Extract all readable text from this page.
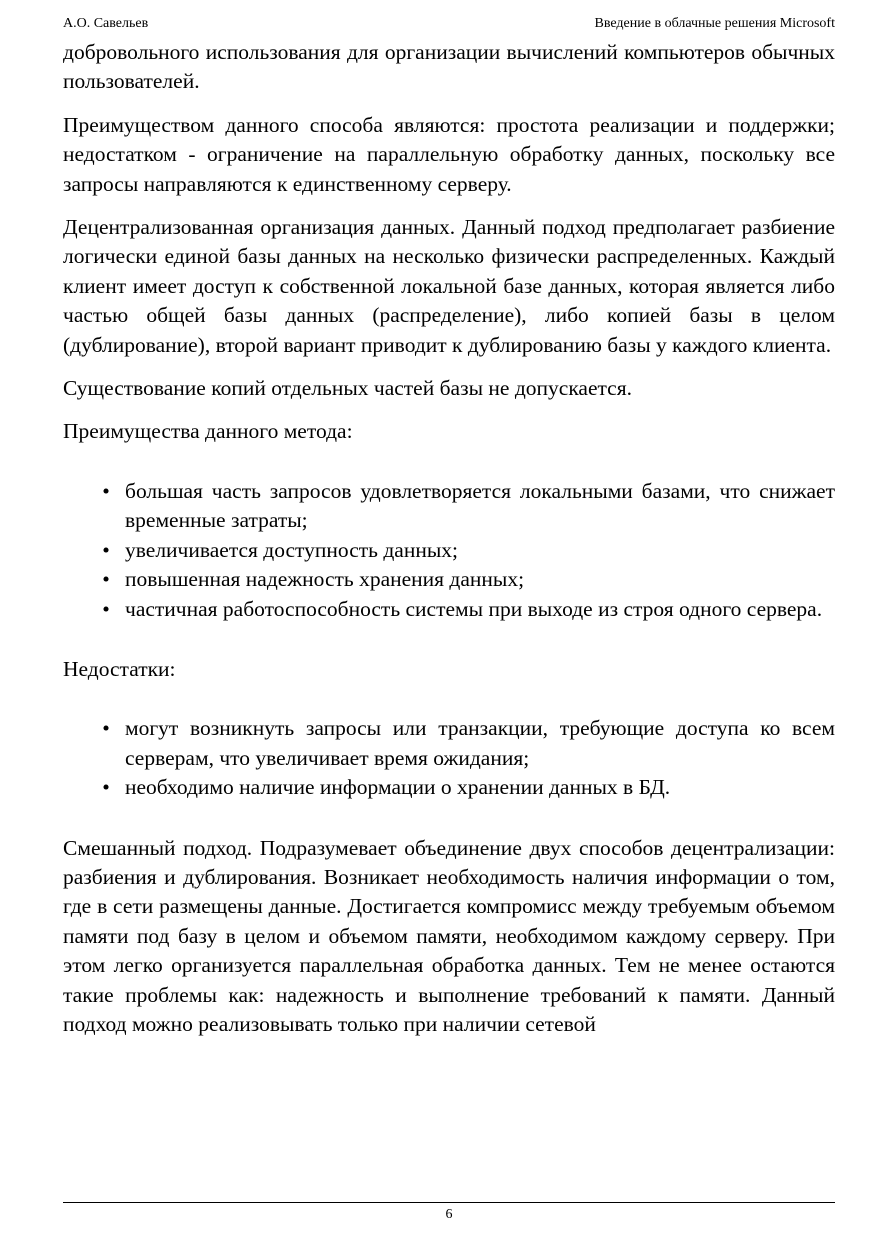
А.О. Савельев	Введение в облачные решения Microsoft

добровольного использования для организации вычислений компьютеров обычных пользователей.

Преимуществом данного способа являются: простота реализации и поддержки; недостатком - ограничение на параллельную обработку данных, поскольку все запросы направляются к единственному серверу.

Децентрализованная организация данных. Данный подход предполагает разбиение логически единой базы данных на несколько физически распределенных. Каждый клиент имеет доступ к собственной локальной базе данных, которая является либо частью общей базы данных (распределение), либо копией базы в целом (дублирование), второй вариант приводит к дублированию базы у каждого клиента.

Существование копий отдельных частей базы не допускается.

Преимущества данного метода:

• большая часть запросов удовлетворяется локальными базами, что снижает временные затраты;
• увеличивается доступность данных;
• повышенная надежность хранения данных;
• частичная работоспособность системы при выходе из строя одного сервера.

Недостатки:

• могут возникнуть запросы или транзакции, требующие доступа ко всем серверам, что увеличивает время ожидания;
• необходимо наличие информации о хранении данных в БД.

Смешанный подход. Подразумевает объединение двух способов децентрализации: разбиения и дублирования. Возникает необходимость наличия информации о том, где в сети размещены данные. Достигается компромисс между требуемым объемом памяти под базу в целом и объемом памяти, необходимом каждому серверу. При этом легко организуется параллельная обработка данных. Тем не менее остаются такие проблемы как: надежность и выполнение требований к памяти. Данный подход можно реализовывать только при наличии сетевой

6
